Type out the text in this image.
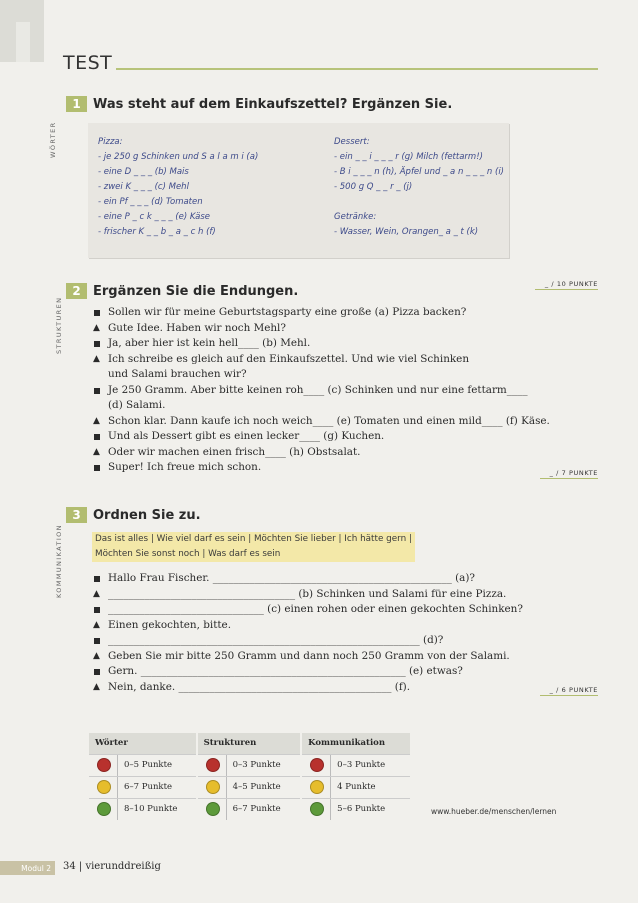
TEST
WÖRTER
STRUKTUREN
KOMMUNIKATION
1 Was steht auf dem Einkaufszettel? Ergänzen Sie.
Pizza:
- je 250 g Schinken und S a l a m i (a)
- eine D _ _ _ (b) Mais
- zwei K _ _ _ (c) Mehl
- ein Pf _ _ _ (d) Tomaten
- eine P _ c k _ _ _ (e) Käse
- frischer K _ _ b _ a _ c h (f)
Dessert:
- ein _ _ i _ _ _ r (g) Milch (fettarm!)
- B i _ _ _ n (h), Äpfel und _ a n _ _ _ n (i)
- 500 g Q _ _ r _ (j)

Getränke:
- Wasser, Wein, Orangen_ a _ t (k)
_ / 10 PUNKTE
2 Ergänzen Sie die Endungen.
Sollen wir für meine Geburtstagsparty eine große (a) Pizza backen?
▲ Gute Idee. Haben wir noch Mehl?
Ja, aber hier ist kein hell____ (b) Mehl.
▲ Ich schreibe es gleich auf den Einkaufszettel. Und wie viel Schinken
und Salami brauchen wir?
Je 250 Gramm. Aber bitte keinen roh____ (c) Schinken und nur eine fettarm____
(d) Salami.
▲ Schon klar. Dann kaufe ich noch weich____ (e) Tomaten und einen mild____ (f) Käse.
Und als Dessert gibt es einen lecker____ (g) Kuchen.
▲ Oder wir machen einen frisch____ (h) Obstsalat.
Super! Ich freue mich schon.	_ / 7 PUNKTE
3 Ordnen Sie zu.
Das ist alles | Wie viel darf es sein | Möchten Sie lieber | Ich hätte gern |
Möchten Sie sonst noch | Was darf es sein
Hallo Frau Fischer. ______________________________________________ (a)?
▲ ____________________________________ (b) Schinken und Salami für eine Pizza.
______________________________ (c) einen rohen oder einen gekochten Schinken?
▲ Einen gekochten, bitte.
____________________________________________________________ (d)?
▲ Geben Sie mir bitte 250 Gramm und dann noch 250 Gramm von der Salami.
Gern. ___________________________________________________ (e) etwas?
▲ Nein, danke. _________________________________________ (f).	_ / 6 PUNKTE
Wörter	Strukturen	Kommunikation

0–5 Punkte	0–3 Punkte	0–3 Punkte

6–7 Punkte	4–5 Punkte	4 Punkte

8–10 Punkte	6–7 Punkte	5–6 Punkte	www.hueber.de/menschen/lernen
Modul 2	34 | vierunddreißig
